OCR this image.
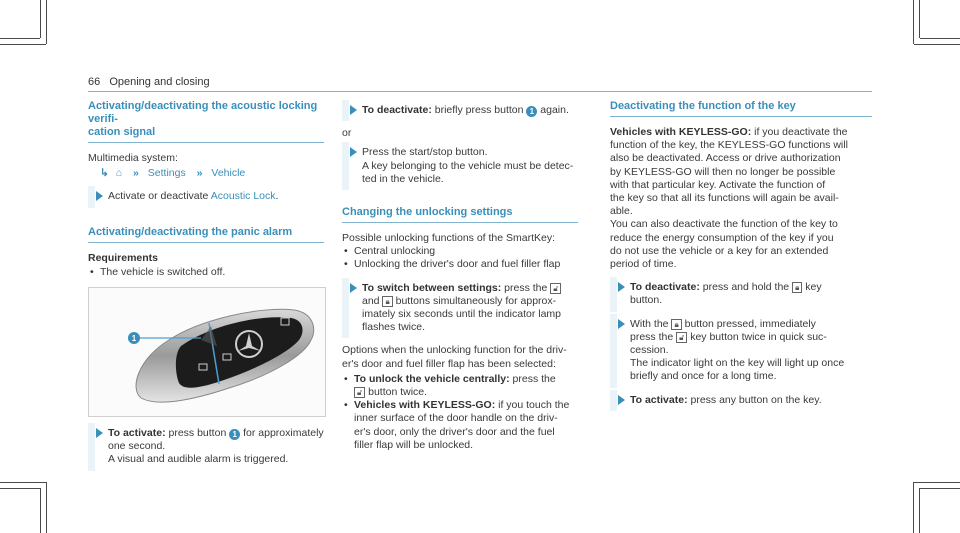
66 Opening and closing
Activating/deactivating the acoustic locking verifi-
cation signal

Multimedia system:

↳ ⌂ » Settings » Vehicle
Activate or deactivate Acoustic Lock.
Activating/deactivating the panic alarm
Requirements
• The vehicle is switched off.
1
To activate: press button 1 for approximately one second.

A visual and audible alarm is triggered.

To deactivate: briefly press button 1 again.

or

Press the start/stop button.

A key belonging to the vehicle must be detec-
ted in the vehicle.

Changing the unlocking settings

Possible unlocking functions of the SmartKey:

• Central unlocking
• Unlocking the driver's door and fuel filler flap
To switch between settings: press the 🔓︎
and 🔒︎ buttons simultaneously for approx-
imately six seconds until the indicator lamp
flashes twice.

Options when the unlocking function for the driv-
er's door and fuel filler flap has been selected:

• To unlock the vehicle centrally: press the
🔓︎ button twice.
• Vehicles with KEYLESS-GO: if you touch the
inner surface of the door handle on the driv-
er's door, only the driver's door and the fuel
filler flap will be unlocked.
Deactivating the function of the key

Vehicles with KEYLESS-GO: if you deactivate the
function of the key, the KEYLESS-GO functions will
also be deactivated. Access or drive authorization
by KEYLESS-GO will then no longer be possible
with that particular key. Activate the function of
the key so that all its functions will again be avail-
able.

You can also deactivate the function of the key to
reduce the energy consumption of the key if you
do not use the vehicle or a key for an extended
period of time.

To deactivate: press and hold the 🔒︎ key
button.
With the 🔒︎ button pressed, immediately
press the 🔓︎ key button twice in quick suc-
cession.

The indicator light on the key will light up once
briefly and once for a long time.

To activate: press any button on the key.
